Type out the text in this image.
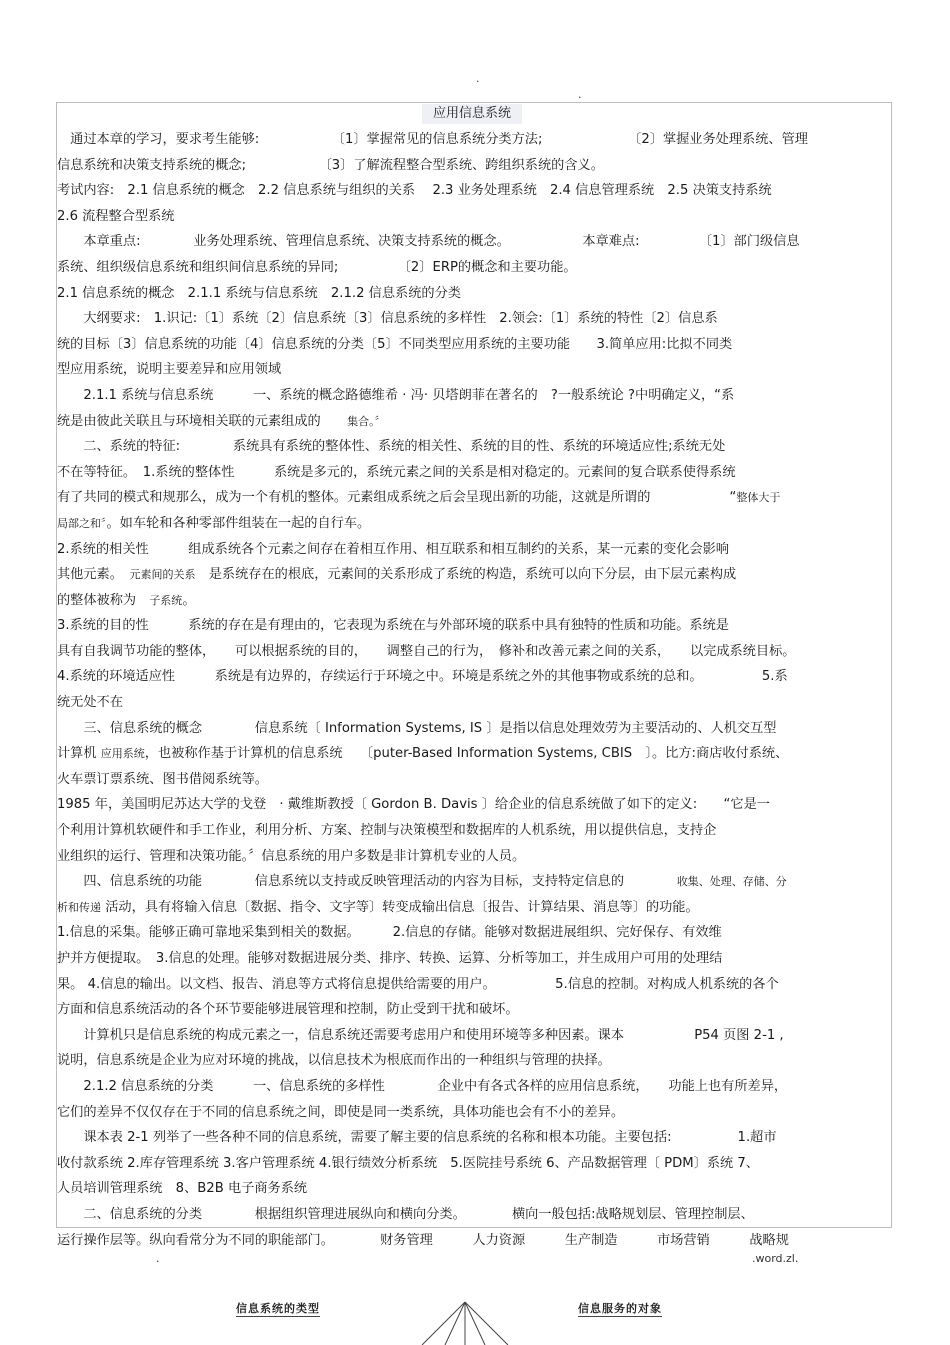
.
.
应用信息系统
　通过本章的学习，要求考生能够:　　　　　　〔1〕掌握常见的信息系统分类方法;　　　　　　　〔2〕掌握业务处理系统、管理
信息系统和决策支持系统的概念;　　　　　　〔3〕了解流程整合型系统、跨组织系统的含义。
考试内容:　2.1 信息系统的概念　2.2 信息系统与组织的关系　 2.3 业务处理系统　2.4 信息管理系统　2.5 决策支持系统
2.6 流程整合型系统
　　本章重点:　　　　业务处理系统、管理信息系统、决策支持系统的概念。　　　　　　本章难点:　　　　　〔1〕部门级信息
系统、组织级信息系统和组织间信息系统的异同;　　　　　〔2〕ERP的概念和主要功能。
2.1 信息系统的概念　2.1.1 系统与信息系统　2.1.2 信息系统的分类
　　大纲要求:　1.识记:〔1〕系统〔2〕信息系统〔3〕信息系统的多样性　2.领会:〔1〕系统的特性〔2〕信息系
统的目标〔3〕信息系统的功能〔4〕信息系统的分类〔5〕不同类型应用系统的主要功能　　3.简单应用:比拟不同类
型应用系统，说明主要差异和应用领域
　　2.1.1 系统与信息系统　　　一、系统的概念路德维希 · 冯· 贝塔朗菲在著名的　?一般系统论 ?中明确定义，“系
统是由彼此关联且与环境相关联的元素组成的　　集合。〞
　　二、系统的特征:　　　　系统具有系统的整体性、系统的相关性、系统的目的性、系统的环境适应性;系统无处
不在等特征。　1.系统的整体性　　　系统是多元的，系统元素之间的关系是相对稳定的。元素间的复合联系使得系统
有了共同的模式和规那么，成为一个有机的整体。元素组成系统之后会呈现出新的功能，这就是所谓的　　　　　　“整体大于
局部之和〞。如车轮和各种零部件组装在一起的自行车。
2.系统的相关性　　　组成系统各个元素之间存在着相互作用、相互联系和相互制约的关系，某一元素的变化会影响
其他元素。　元素间的关系　是系统存在的根底，元素间的关系形成了系统的构造，系统可以向下分层，由下层元素构成
的整体被称为　子系统。
3.系统的目的性　　　系统的存在是有理由的，它表现为系统在与外部环境的联系中具有独特的性质和功能。系统是
具有自我调节功能的整体，　　可以根据系统的目的，　　调整自己的行为，　修补和改善元素之间的关系，　　以完成系统目标。
4.系统的环境适应性　　　系统是有边界的，存续运行于环境之中。环境是系统之外的其他事物或系统的总和。　　　　　5.系
统无处不在
　　三、信息系统的概念　　　　信息系统〔 Information Systems, IS 〕是指以信息处理效劳为主要活动的、人机交互型
计算机 应用系统，也被称作基于计算机的信息系统　 〔puter-Based Information Systems, CBIS　〕。比方:商店收付系统、
火车票订票系统、图书借阅系统等。
1985 年，美国明尼苏达大学的戈登　· 戴维斯教授〔 Gordon B. Davis 〕给企业的信息系统做了如下的定义:　　“它是一
个利用计算机软硬件和手工作业，利用分析、方案、控制与决策模型和数据库的人机系统，用以提供信息，支持企
业组织的运行、管理和决策功能。〞信息系统的用户多数是非计算机专业的人员。
　　四、信息系统的功能　　　　信息系统以支持或反映管理活动的内容为目标，支持特定信息的　　　　收集、处理、存储、分
析和传递 活动，具有将输入信息〔数据、指令、文字等〕转变成输出信息〔报告、计算结果、消息等〕的功能。
1.信息的采集。能够正确可靠地采集到相关的数据。　　　2.信息的存储。能够对数据进展组织、完好保存、有效维
护并方便提取。　3.信息的处理。能够对数据进展分类、排序、转换、运算、分析等加工，并生成用户可用的处理结
果。 4.信息的输出。以文档、报告、消息等方式将信息提供给需要的用户。　　　　　5.信息的控制。对构成人机系统的各个
方面和信息系统活动的各个环节要能够进展管理和控制，防止受到干扰和破坏。
　　计算机只是信息系统的构成元素之一，信息系统还需要考虑用户和使用环境等多种因素。课本　　　　　 P54 页图 2-1 ,
说明，信息系统是企业为应对环境的挑战，以信息技术为根底而作出的一种组织与管理的抉择。
　　2.1.2 信息系统的分类　　　一、信息系统的多样性　　　　企业中有各式各样的应用信息系统，　　功能上也有所差异，
它们的差异不仅仅存在于不同的信息系统之间，即使是同一类系统，具体功能也会有不小的差异。
　　课本表 2-1 列举了一些各种不同的信息系统，需要了解主要的信息系统的名称和根本功能。主要包括:　　　　　1.超市
收付款系统 2.库存管理系统 3.客户管理系统 4.银行绩效分析系统　5.医院挂号系统 6、产品数据管理〔 PDM〕系统 7、
人员培训管理系统　8、B2B 电子商务系统
　　二、信息系统的分类　　　　根据组织管理进展纵向和横向分类。　　　　横向一般包括:战略规划层、管理控制层、
运行操作层等。纵向看常分为不同的职能部门。　　　　财务管理　　　人力资源　　　生产制造　　　市场营销　　　战略规
.	.word.zl.
信息系统的类型	信息服务的对象
